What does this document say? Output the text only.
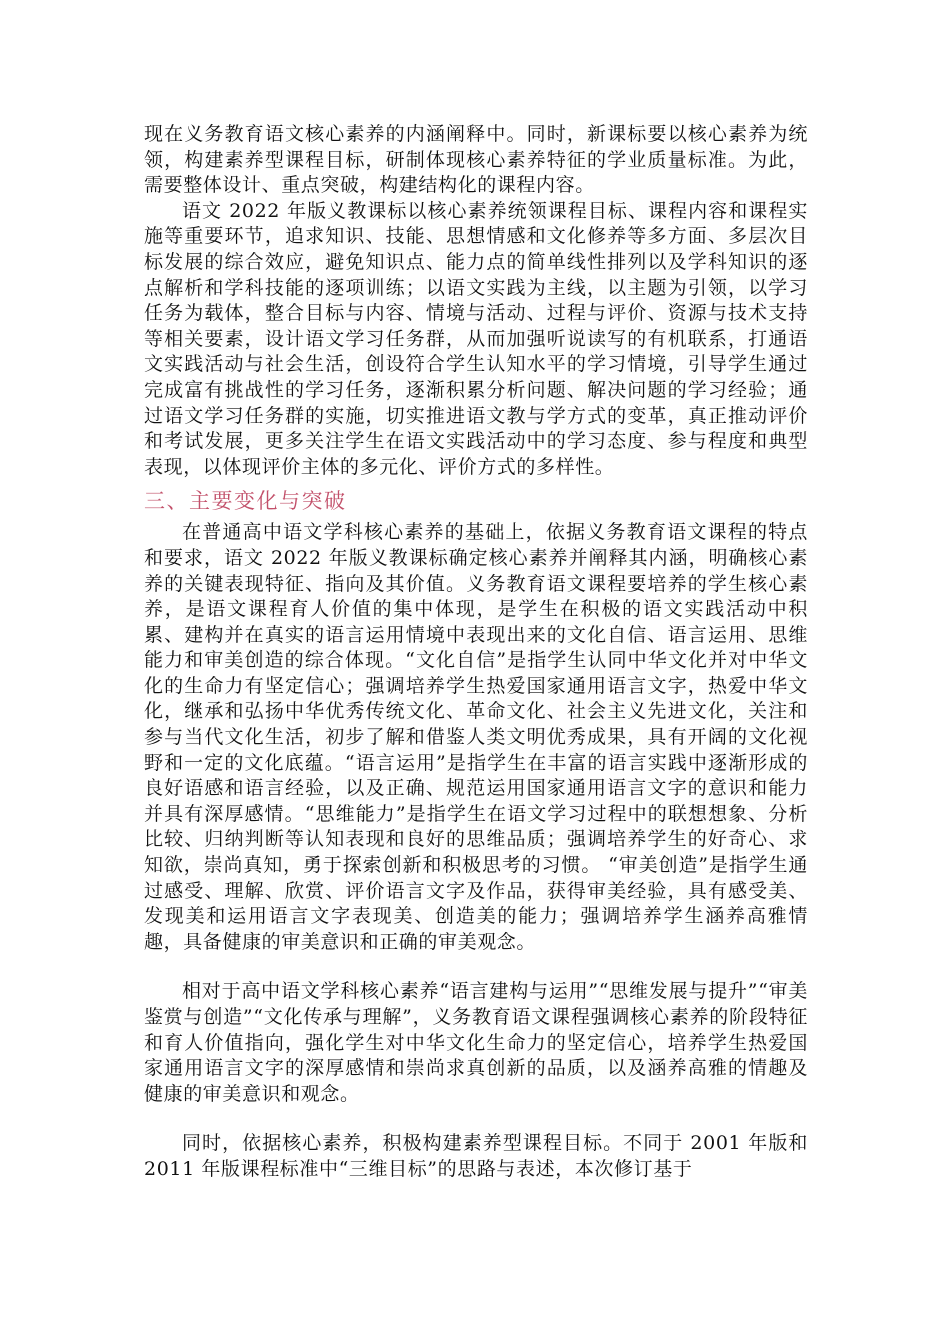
现在义务教育语文核心素养的内涵阐释中。同时，新课标要以核心素养为统领，构建素养型课程目标，研制体现核心素养特征的学业质量标准。为此，需要整体设计、重点突破，构建结构化的课程内容。

语文 2022 年版义教课标以核心素养统领课程目标、课程内容和课程实施等重要环节，追求知识、技能、思想情感和文化修养等多方面、多层次目标发展的综合效应，避免知识点、能力点的简单线性排列以及学科知识的逐点解析和学科技能的逐项训练；以语文实践为主线，以主题为引领，以学习任务为载体，整合目标与内容、情境与活动、过程与评价、资源与技术支持等相关要素，设计语文学习任务群，从而加强听说读写的有机联系，打通语文实践活动与社会生活，创设符合学生认知水平的学习情境，引导学生通过完成富有挑战性的学习任务，逐渐积累分析问题、解决问题的学习经验；通过语文学习任务群的实施，切实推进语文教与学方式的变革，真正推动评价和考试发展，更多关注学生在语文实践活动中的学习态度、参与程度和典型表现，以体现评价主体的多元化、评价方式的多样性。

三、主要变化与突破

在普通高中语文学科核心素养的基础上，依据义务教育语文课程的特点和要求，语文 2022 年版义教课标确定核心素养并阐释其内涵，明确核心素养的关键表现特征、指向及其价值。义务教育语文课程要培养的学生核心素养，是语文课程育人价值的集中体现，是学生在积极的语文实践活动中积累、建构并在真实的语言运用情境中表现出来的文化自信、语言运用、思维能力和审美创造的综合体现。“文化自信”是指学生认同中华文化并对中华文化的生命力有坚定信心；强调培养学生热爱国家通用语言文字，热爱中华文化，继承和弘扬中华优秀传统文化、革命文化、社会主义先进文化，关注和参与当代文化生活，初步了解和借鉴人类文明优秀成果，具有开阔的文化视野和一定的文化底蕴。“语言运用”是指学生在丰富的语言实践中逐渐形成的良好语感和语言经验，以及正确、规范运用国家通用语言文字的意识和能力并具有深厚感情。“思维能力”是指学生在语文学习过程中的联想想象、分析比较、归纳判断等认知表现和良好的思维品质；强调培养学生的好奇心、求知欲，崇尚真知，勇于探索创新和积极思考的习惯。 “审美创造”是指学生通过感受、理解、欣赏、评价语言文字及作品，获得审美经验，具有感受美、发现美和运用语言文字表现美、创造美的能力；强调培养学生涵养高雅情趣，具备健康的审美意识和正确的审美观念。

相对于高中语文学科核心素养“语言建构与运用”“思维发展与提升”“审美鉴赏与创造”“文化传承与理解”，义务教育语文课程强调核心素养的阶段特征和育人价值指向，强化学生对中华文化生命力的坚定信心，培养学生热爱国家通用语言文字的深厚感情和崇尚求真创新的品质，以及涵养高雅的情趣及健康的审美意识和观念。

同时，依据核心素养，积极构建素养型课程目标。不同于 2001 年版和 2011 年版课程标准中“三维目标”的思路与表述，本次修订基于
